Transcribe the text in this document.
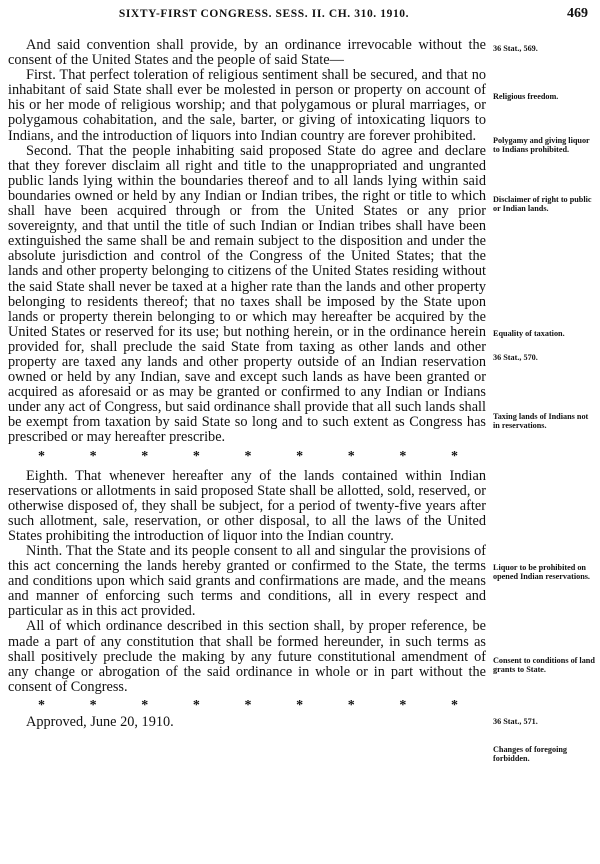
SIXTY-FIRST CONGRESS. SESS. II. CH. 310. 1910.	469

And said convention shall provide, by an ordinance irrevocable without the consent of the United States and the people of said State—

First. That perfect toleration of religious sentiment shall be secured, and that no inhabitant of said State shall ever be molested in person or property on account of his or her mode of religious worship; and that polygamous or plural marriages, or polygamous cohabitation, and the sale, barter, or giving of intoxicating liquors to Indians, and the introduction of liquors into Indian country are forever prohibited.

Second. That the people inhabiting said proposed State do agree and declare that they forever disclaim all right and title to the unappropriated and ungranted public lands lying within the boundaries thereof and to all lands lying within said boundaries owned or held by any Indian or Indian tribes, the right or title to which shall have been acquired through or from the United States or any prior sovereignty, and that until the title of such Indian or Indian tribes shall have been extinguished the same shall be and remain subject to the disposition and under the absolute jurisdiction and control of the Congress of the United States; that the lands and other property belonging to citizens of the United States residing without the said State shall never be taxed at a higher rate than the lands and other property belonging to residents thereof; that no taxes shall be imposed by the State upon lands or property therein belonging to or which may hereafter be acquired by the United States or reserved for its use; but nothing herein, or in the ordinance herein provided for, shall preclude the said State from taxing as other lands and other property are taxed any lands and other property outside of an Indian reservation owned or held by any Indian, save and except such lands as have been granted or acquired as aforesaid or as may be granted or confirmed to any Indian or Indians under any act of Congress, but said ordinance shall provide that all such lands shall be exempt from taxation by said State so long and to such extent as Congress has prescribed or may hereafter prescribe.

*	*	*	*	*	*	*	*	*

Eighth. That whenever hereafter any of the lands contained within Indian reservations or allotments in said proposed State shall be allotted, sold, reserved, or otherwise disposed of, they shall be subject, for a period of twenty-five years after such allotment, sale, reservation, or other disposal, to all the laws of the United States prohibiting the introduction of liquor into the Indian country.

Ninth. That the State and its people consent to all and singular the provisions of this act concerning the lands hereby granted or confirmed to the State, the terms and conditions upon which said grants and confirmations are made, and the means and manner of enforcing such terms and conditions, all in every respect and particular as in this act provided.

All of which ordinance described in this section shall, by proper reference, be made a part of any constitution that shall be formed hereunder, in such terms as shall positively preclude the making by any future constitutional amendment of any change or abrogation of the said ordinance in whole or in part without the consent of Congress.

*	*	*	*	*	*	*	*	*

Approved, June 20, 1910.

36 Stat., 569.
Religious freedom.
Polygamy and giving liquor to Indians prohibited.
Disclaimer of right to public or Indian lands.
Equality of taxation.
36 Stat., 570.
Taxing lands of Indians not in reservations.
Liquor to be prohibited on opened Indian reservations.
Consent to conditions of land grants to State.
36 Stat., 571.
Changes of foregoing forbidden.
